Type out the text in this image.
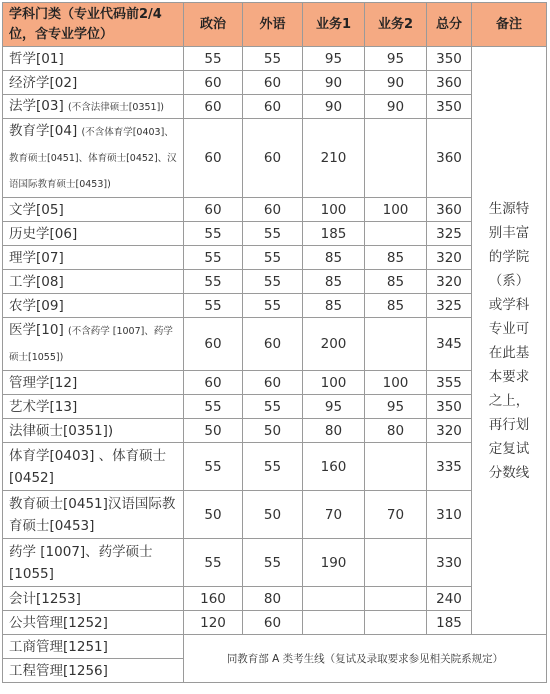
学科门类（专业代码前2/4位，含专业学位）	政治	外语	业务1	业务2	总分	备注
哲学[01]	55	55	95	95	350	生源特别丰富的学院（系）或学科专业可在此基本要求之上，再行划定复试分数线
经济学[02]	60	60	90	90	360	
法学[03] (不含法律硕士[0351])	60	60	90	90	350	
教育学[04] (不含体育学[0403]、教育硕士[0451]、体育硕士[0452]、汉语国际教育硕士[0453])	60	60	210		360	
文学[05]	60	60	100	100	360	
历史学[06]	55	55	185		325	
理学[07]	55	55	85	85	320	
工学[08]	55	55	85	85	320	
农学[09]	55	55	85	85	325	
医学[10] (不含药学 [1007]、药学硕士[1055])	60	60	200		345	
管理学[12]	60	60	100	100	355	
艺术学[13]	55	55	95	95	350	
法律硕士[0351])	50	50	80	80	320	
体育学[0403] 、体育硕士[0452]	55	55	160		335	
教育硕士[0451]汉语国际教育硕士[0453]	50	50	70	70	310	
药学 [1007]、药学硕士[1055]	55	55	190		330	
会计[1253]	160	80			240	
公共管理[1252]	120	60			185	
工商管理[1251]	同教育部 A 类考生线（复试及录取要求参见相关院系规定）					
工程管理[1256]						
